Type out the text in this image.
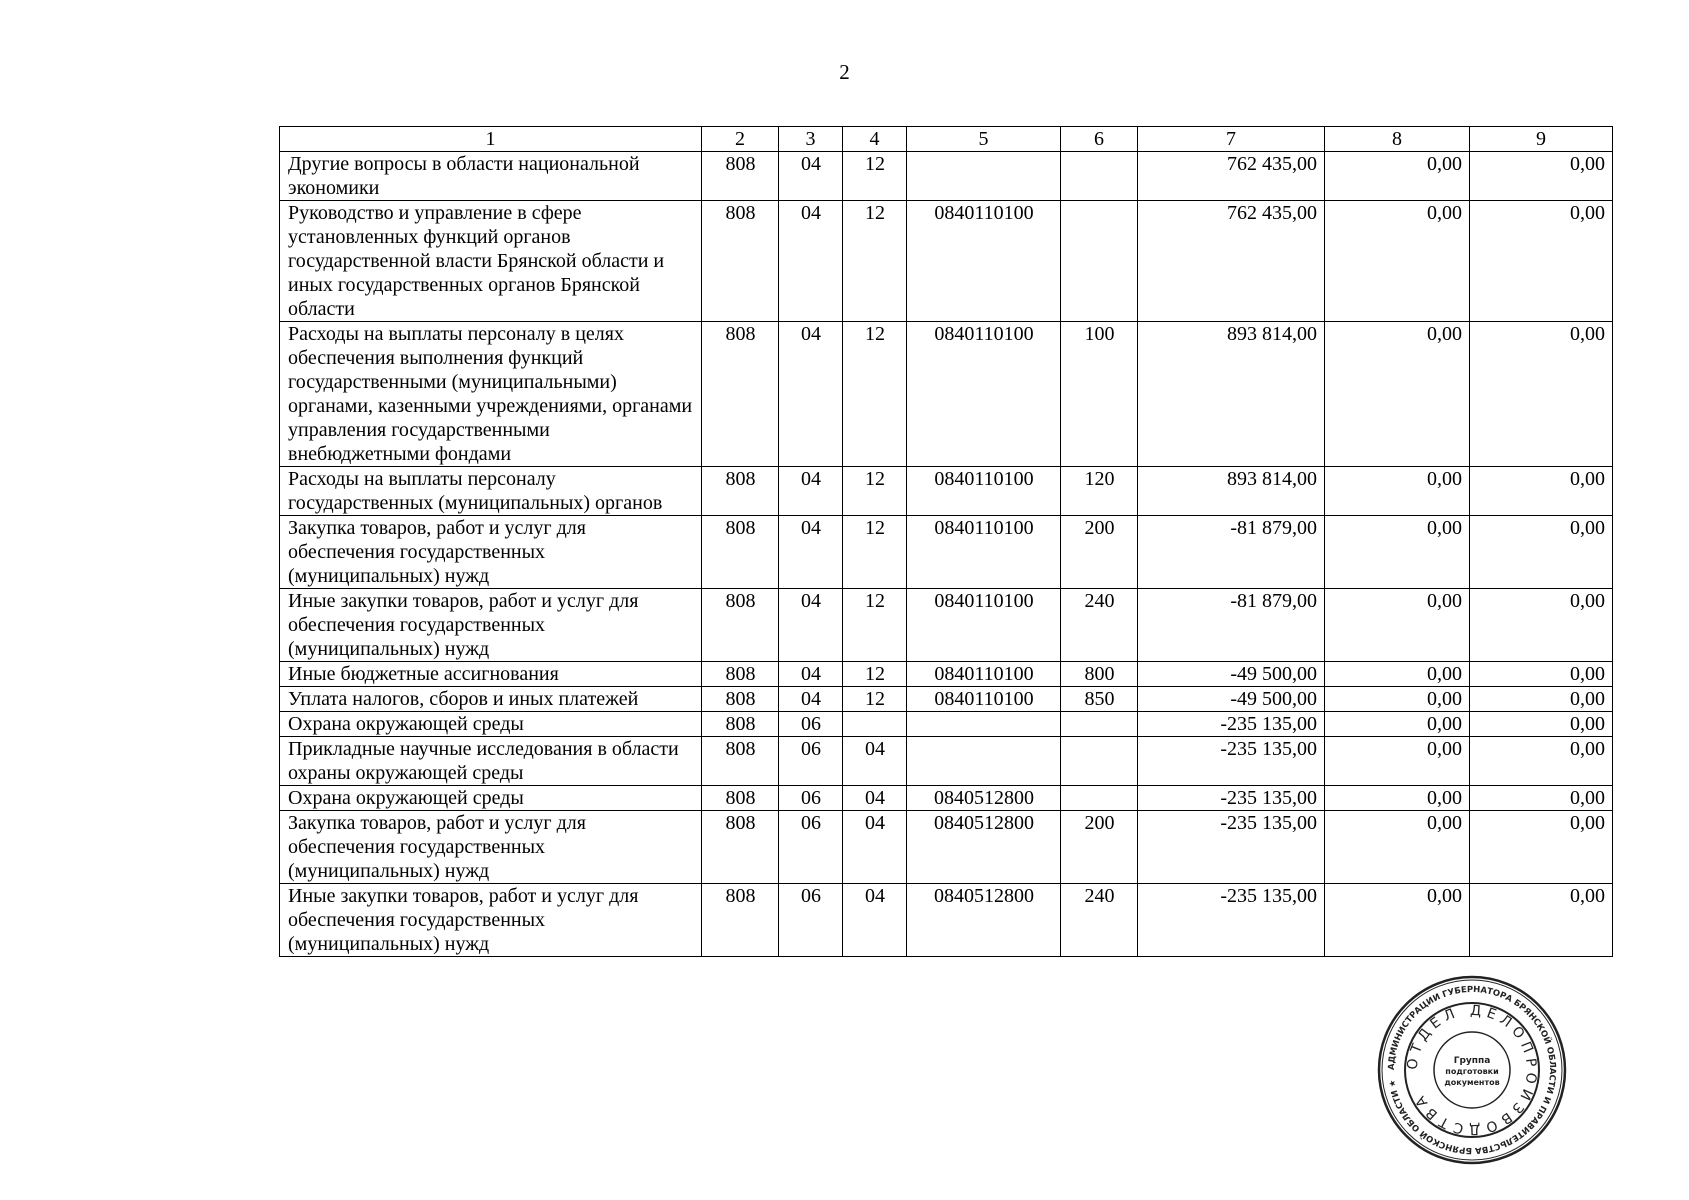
2
1	2	3	4	5	6	7	8	9
Другие вопросы в области национальной экономики	808	04	12			762 435,00	0,00	0,00
Руководство и управление в сфере установленных функций органов государственной власти Брянской области и иных государственных органов Брянской области	808	04	12	0840110100		762 435,00	0,00	0,00
Расходы на выплаты персоналу в целях обеспечения выполнения функций государственными (муниципальными) органами, казенными учреждениями, органами управления государственными внебюджетными фондами	808	04	12	0840110100	100	893 814,00	0,00	0,00
Расходы на выплаты персоналу государственных (муниципальных) органов	808	04	12	0840110100	120	893 814,00	0,00	0,00
Закупка товаров, работ и услуг для обеспечения государственных (муниципальных) нужд	808	04	12	0840110100	200	-81 879,00	0,00	0,00
Иные закупки товаров, работ и услуг для обеспечения государственных (муниципальных) нужд	808	04	12	0840110100	240	-81 879,00	0,00	0,00
Иные бюджетные ассигнования	808	04	12	0840110100	800	-49 500,00	0,00	0,00
Уплата налогов, сборов и иных платежей	808	04	12	0840110100	850	-49 500,00	0,00	0,00
Охрана окружающей среды	808	06				-235 135,00	0,00	0,00
Прикладные научные исследования в области охраны окружающей среды	808	06	04			-235 135,00	0,00	0,00
Охрана окружающей среды	808	06	04	0840512800		-235 135,00	0,00	0,00
Закупка товаров, работ и услуг для обеспечения государственных (муниципальных) нужд	808	06	04	0840512800	200	-235 135,00	0,00	0,00
Иные закупки товаров, работ и услуг для обеспечения государственных (муниципальных) нужд	808	06	04	0840512800	240	-235 135,00	0,00	0,00
АДМИНИСТРАЦИИ ГУБЕРНАТОРА БРЯНСКОЙ ОБЛАСТИ И ПРАВИТЕЛЬСТВА БРЯНСКОЙ ОБЛАСТИ ★
ОТДЕЛ ДЕЛОПРОИЗВОДСТВА
Группа
подготовки
документов
